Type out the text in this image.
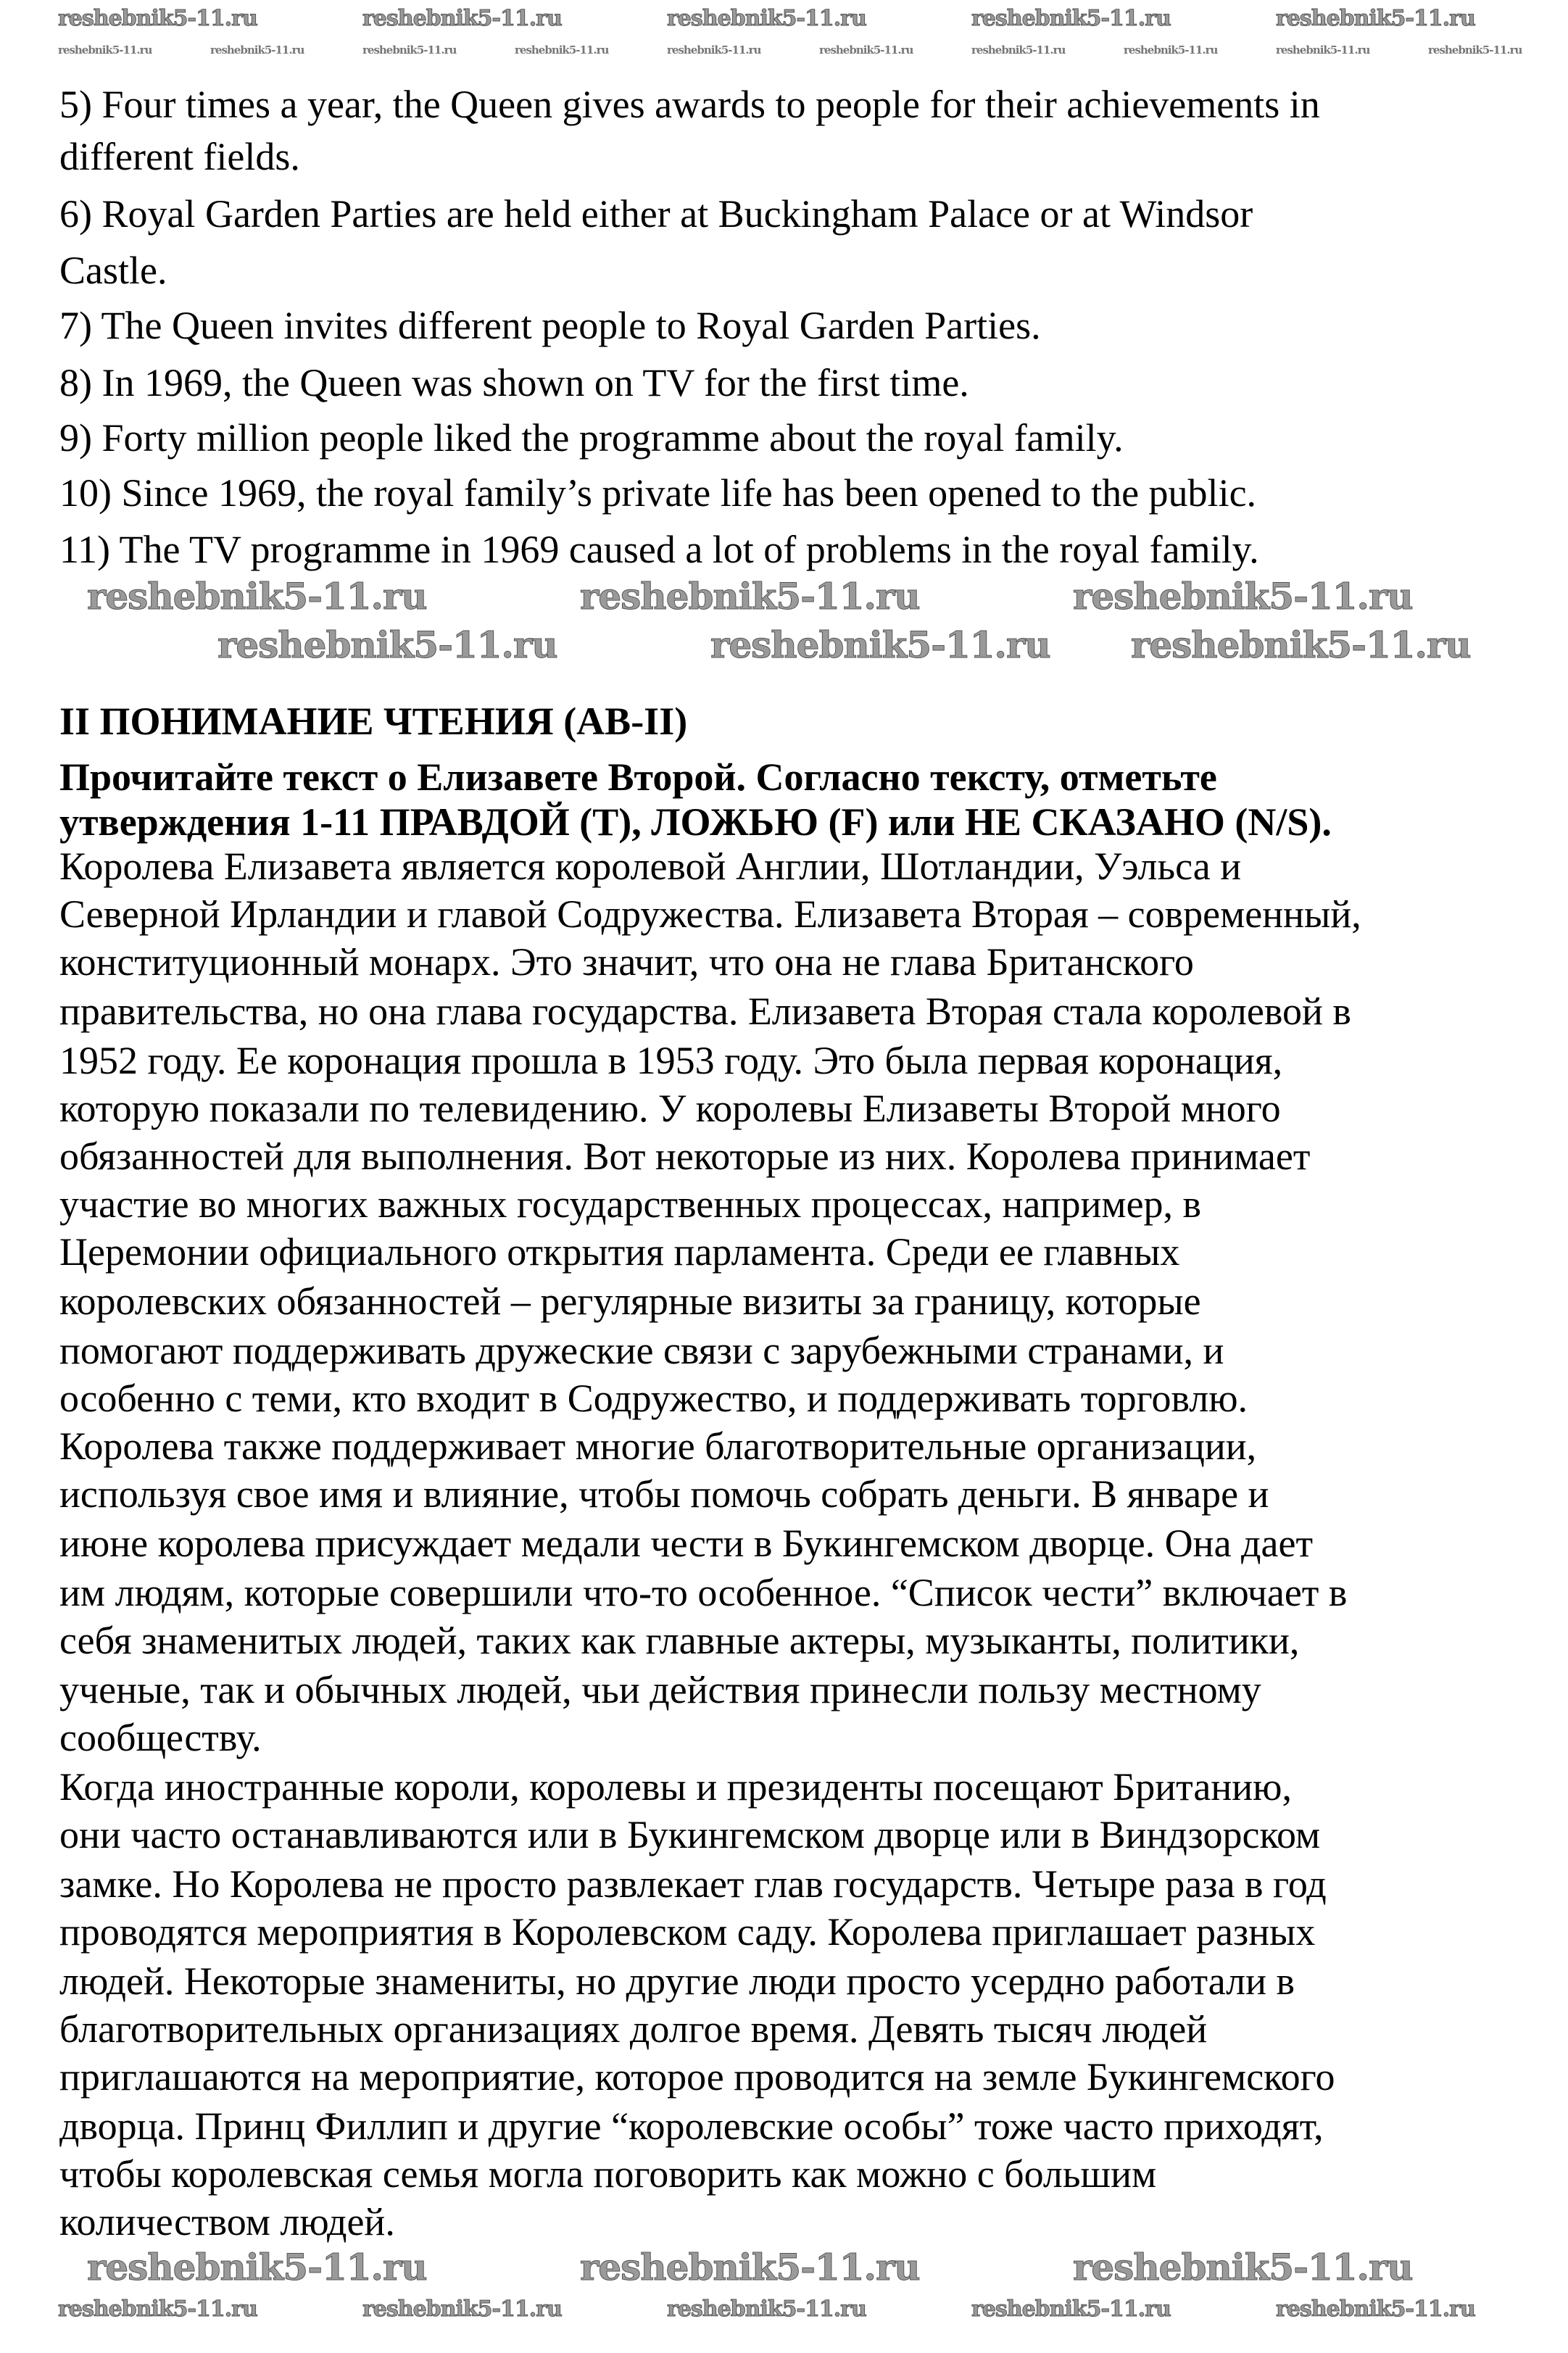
5) Four times a year, the Queen gives awards to people for their achievements in
different fields.
6) Royal Garden Parties are held either at Buckingham Palace or at Windsor
Castle.
7) The Queen invites different people to Royal Garden Parties.
8) In 1969, the Queen was shown on TV for the first time.
9) Forty million people liked the programme about the royal family.
10) Since 1969, the royal family’s private life has been opened to the public.
11) The TV programme in 1969 caused a lot of problems in the royal family.
II ПОНИМАНИЕ ЧТЕНИЯ (AB-II)
Прочитайте текст о Елизавете Второй. Согласно тексту, отметьте
утверждения 1-11 ПРАВДОЙ (T), ЛОЖЬЮ (F) или НЕ СКАЗАНО (N/S).
Королева Елизавета является королевой Англии, Шотландии, Уэльса и
Северной Ирландии и главой Содружества. Елизавета Вторая – современный,
конституционный монарх. Это значит, что она не глава Британского
правительства, но она глава государства. Елизавета Вторая стала королевой в
1952 году. Ее коронация прошла в 1953 году. Это была первая коронация,
которую показали по телевидению. У королевы Елизаветы Второй много
обязанностей для выполнения. Вот некоторые из них. Королева принимает
участие во многих важных государственных процессах, например, в
Церемонии официального открытия парламента. Среди ее главных
королевских обязанностей – регулярные визиты за границу, которые
помогают поддерживать дружеские связи с зарубежными странами, и
особенно с теми, кто входит в Содружество, и поддерживать торговлю.
Королева также поддерживает многие благотворительные организации,
используя свое имя и влияние, чтобы помочь собрать деньги. В январе и
июне королева присуждает медали чести в Букингемском дворце. Она дает
им людям, которые совершили что-то особенное. “Список чести” включает в
себя знаменитых людей, таких как главные актеры, музыканты, политики,
ученые, так и обычных людей, чьи действия принесли пользу местному
сообществу.
Когда иностранные короли, королевы и президенты посещают Британию,
они часто останавливаются или в Букингемском дворце или в Виндзорском
замке. Но Королева не просто развлекает глав государств. Четыре раза в год
проводятся мероприятия в Королевском саду. Королева приглашает разных
людей. Некоторые знамениты, но другие люди просто усердно работали в
благотворительных организациях долгое время. Девять тысяч людей
приглашаются на мероприятие, которое проводится на земле Букингемского
дворца. Принц Филлип и другие “королевские особы” тоже часто приходят,
чтобы королевская семья могла поговорить как можно с большим
количеством людей.
reshebnik5-11.ru	reshebnik5-11.ru	reshebnik5-11.ru	reshebnik5-11.ru	reshebnik5-11.ru
reshebnik5-11.ru	reshebnik5-11.ru	reshebnik5-11.ru	reshebnik5-11.ru	reshebnik5-11.ru	reshebnik5-11.ru	reshebnik5-11.ru	reshebnik5-11.ru	reshebnik5-11.ru	reshebnik5-11.ru
reshebnik5-11.ru	reshebnik5-11.ru	reshebnik5-11.ru
reshebnik5-11.ru	reshebnik5-11.ru reshebnik5-11.ru
reshebnik5-11.ru	reshebnik5-11.ru	reshebnik5-11.ru
reshebnik5-11.ru	reshebnik5-11.ru	reshebnik5-11.ru	reshebnik5-11.ru	reshebnik5-11.ru
